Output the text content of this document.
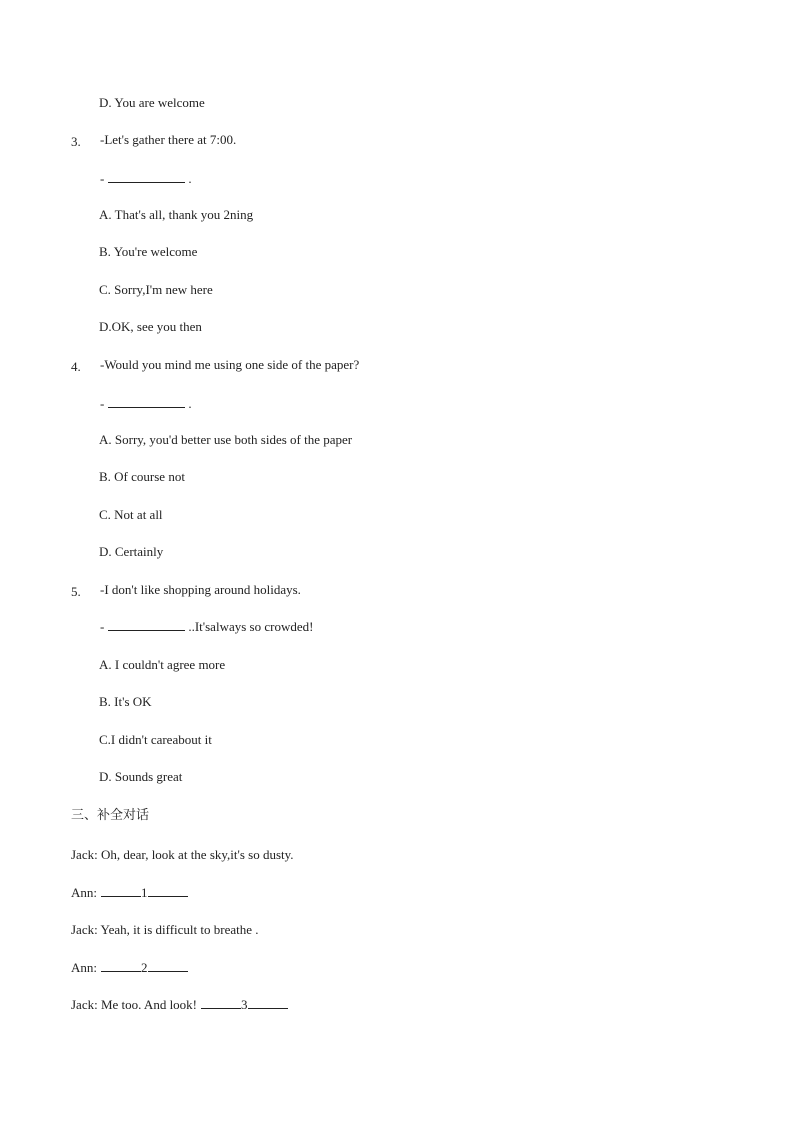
D. You are welcome
3. -Let's gather there at 7:00.
-	.
A. That's all, thank you 2ning
B. You're welcome
C. Sorry,I'm new here
D.OK, see you then
4. -Would you mind me using one side of the paper?
-	.
A. Sorry, you'd better use both sides of the paper
B. Of course not
C. Not at all
D. Certainly
5. -I don't like shopping around holidays.
-	..It'salways so crowded!
A. I couldn't agree more
B. It's OK
C.I didn't careabout it
D. Sounds great
三、补全对话
Jack: Oh, dear, look at the sky,it's so dusty.
Ann:	1
Jack: Yeah, it is difficult to breathe .
Ann:	2
Jack: Me too. And look!	3
